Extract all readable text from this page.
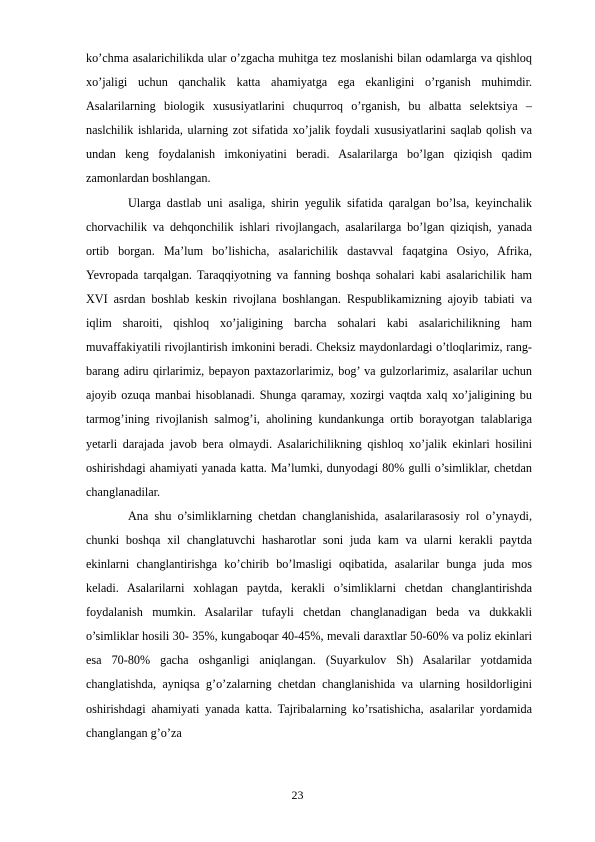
ko’chma asalarichilikda ular o’zgacha muhitga tez moslanishi bilan odamlarga va qishloq xo’jaligi uchun qanchalik katta ahamiyatga ega ekanligini o’rganish muhimdir. Asalarilarning biologik xususiyatlarini chuqurroq o’rganish, bu albatta selektsiya – naslchilik ishlarida, ularning zot sifatida xo’jalik foydali xususiyatlarini saqlab qolish va undan keng foydalanish imkoniyatini beradi. Asalarilarga bo’lgan qiziqish qadim zamonlardan boshlangan.

Ularga dastlab uni asaliga, shirin yegulik sifatida qaralgan bo’lsa, keyinchalik chorvachilik va dehqonchilik ishlari rivojlangach, asalarilarga bo’lgan qiziqish, yanada ortib borgan. Ma’lum bo’lishicha, asalarichilik dastavval faqatgina Osiyo, Afrika, Yevropada tarqalgan. Taraqqiyotning va fanning boshqa sohalari kabi asalarichilik ham XVI asrdan boshlab keskin rivojlana boshlangan. Respublikamizning ajoyib tabiati va iqlim sharoiti, qishloq xo’jaligining barcha sohalari kabi asalarichilikning ham muvaffakiyatili rivojlantirish imkonini beradi. Cheksiz maydonlardagi o’tloqlarimiz, rang-barang adiru qirlarimiz, bepayon paxtazorlarimiz, bog’ va gulzorlarimiz, asalarilar uchun ajoyib ozuqa manbai hisoblanadi. Shunga qaramay, xozirgi vaqtda xalq xo’jaligining bu tarmog’ining rivojlanish salmog’i, aholining kundankunga ortib borayotgan talablariga yetarli darajada javob bera olmaydi. Asalarichilikning qishloq xo’jalik ekinlari hosilini oshirishdagi ahamiyati yanada katta. Ma’lumki, dunyodagi 80% gulli o’simliklar, chetdan changlanadilar.

Ana shu o’simliklarning chetdan changlanishida, asalarilarasosiy rol o’ynaydi, chunki boshqa xil changlatuvchi hasharotlar soni juda kam va ularni kerakli paytda ekinlarni changlantirishga ko’chirib bo’lmasligi oqibatida, asalarilar bunga juda mos keladi. Asalarilarni xohlagan paytda, kerakli o’simliklarni chetdan changlantirishda foydalanish mumkin. Asalarilar tufayli chetdan changlanadigan beda va dukkakli o’simliklar hosili 30- 35%, kungaboqar 40-45%, mevali daraxtlar 50-60% va poliz ekinlari esa 70-80% gacha oshganligi aniqlangan. (Suyarkulov Sh) Asalarilar yotdamida changlatishda, ayniqsa g’o’zalarning chetdan changlanishida va ularning hosildorligini oshirishdagi ahamiyati yanada katta. Tajribalarning ko’rsatishicha, asalarilar yordamida changlangan g’o’za

23
